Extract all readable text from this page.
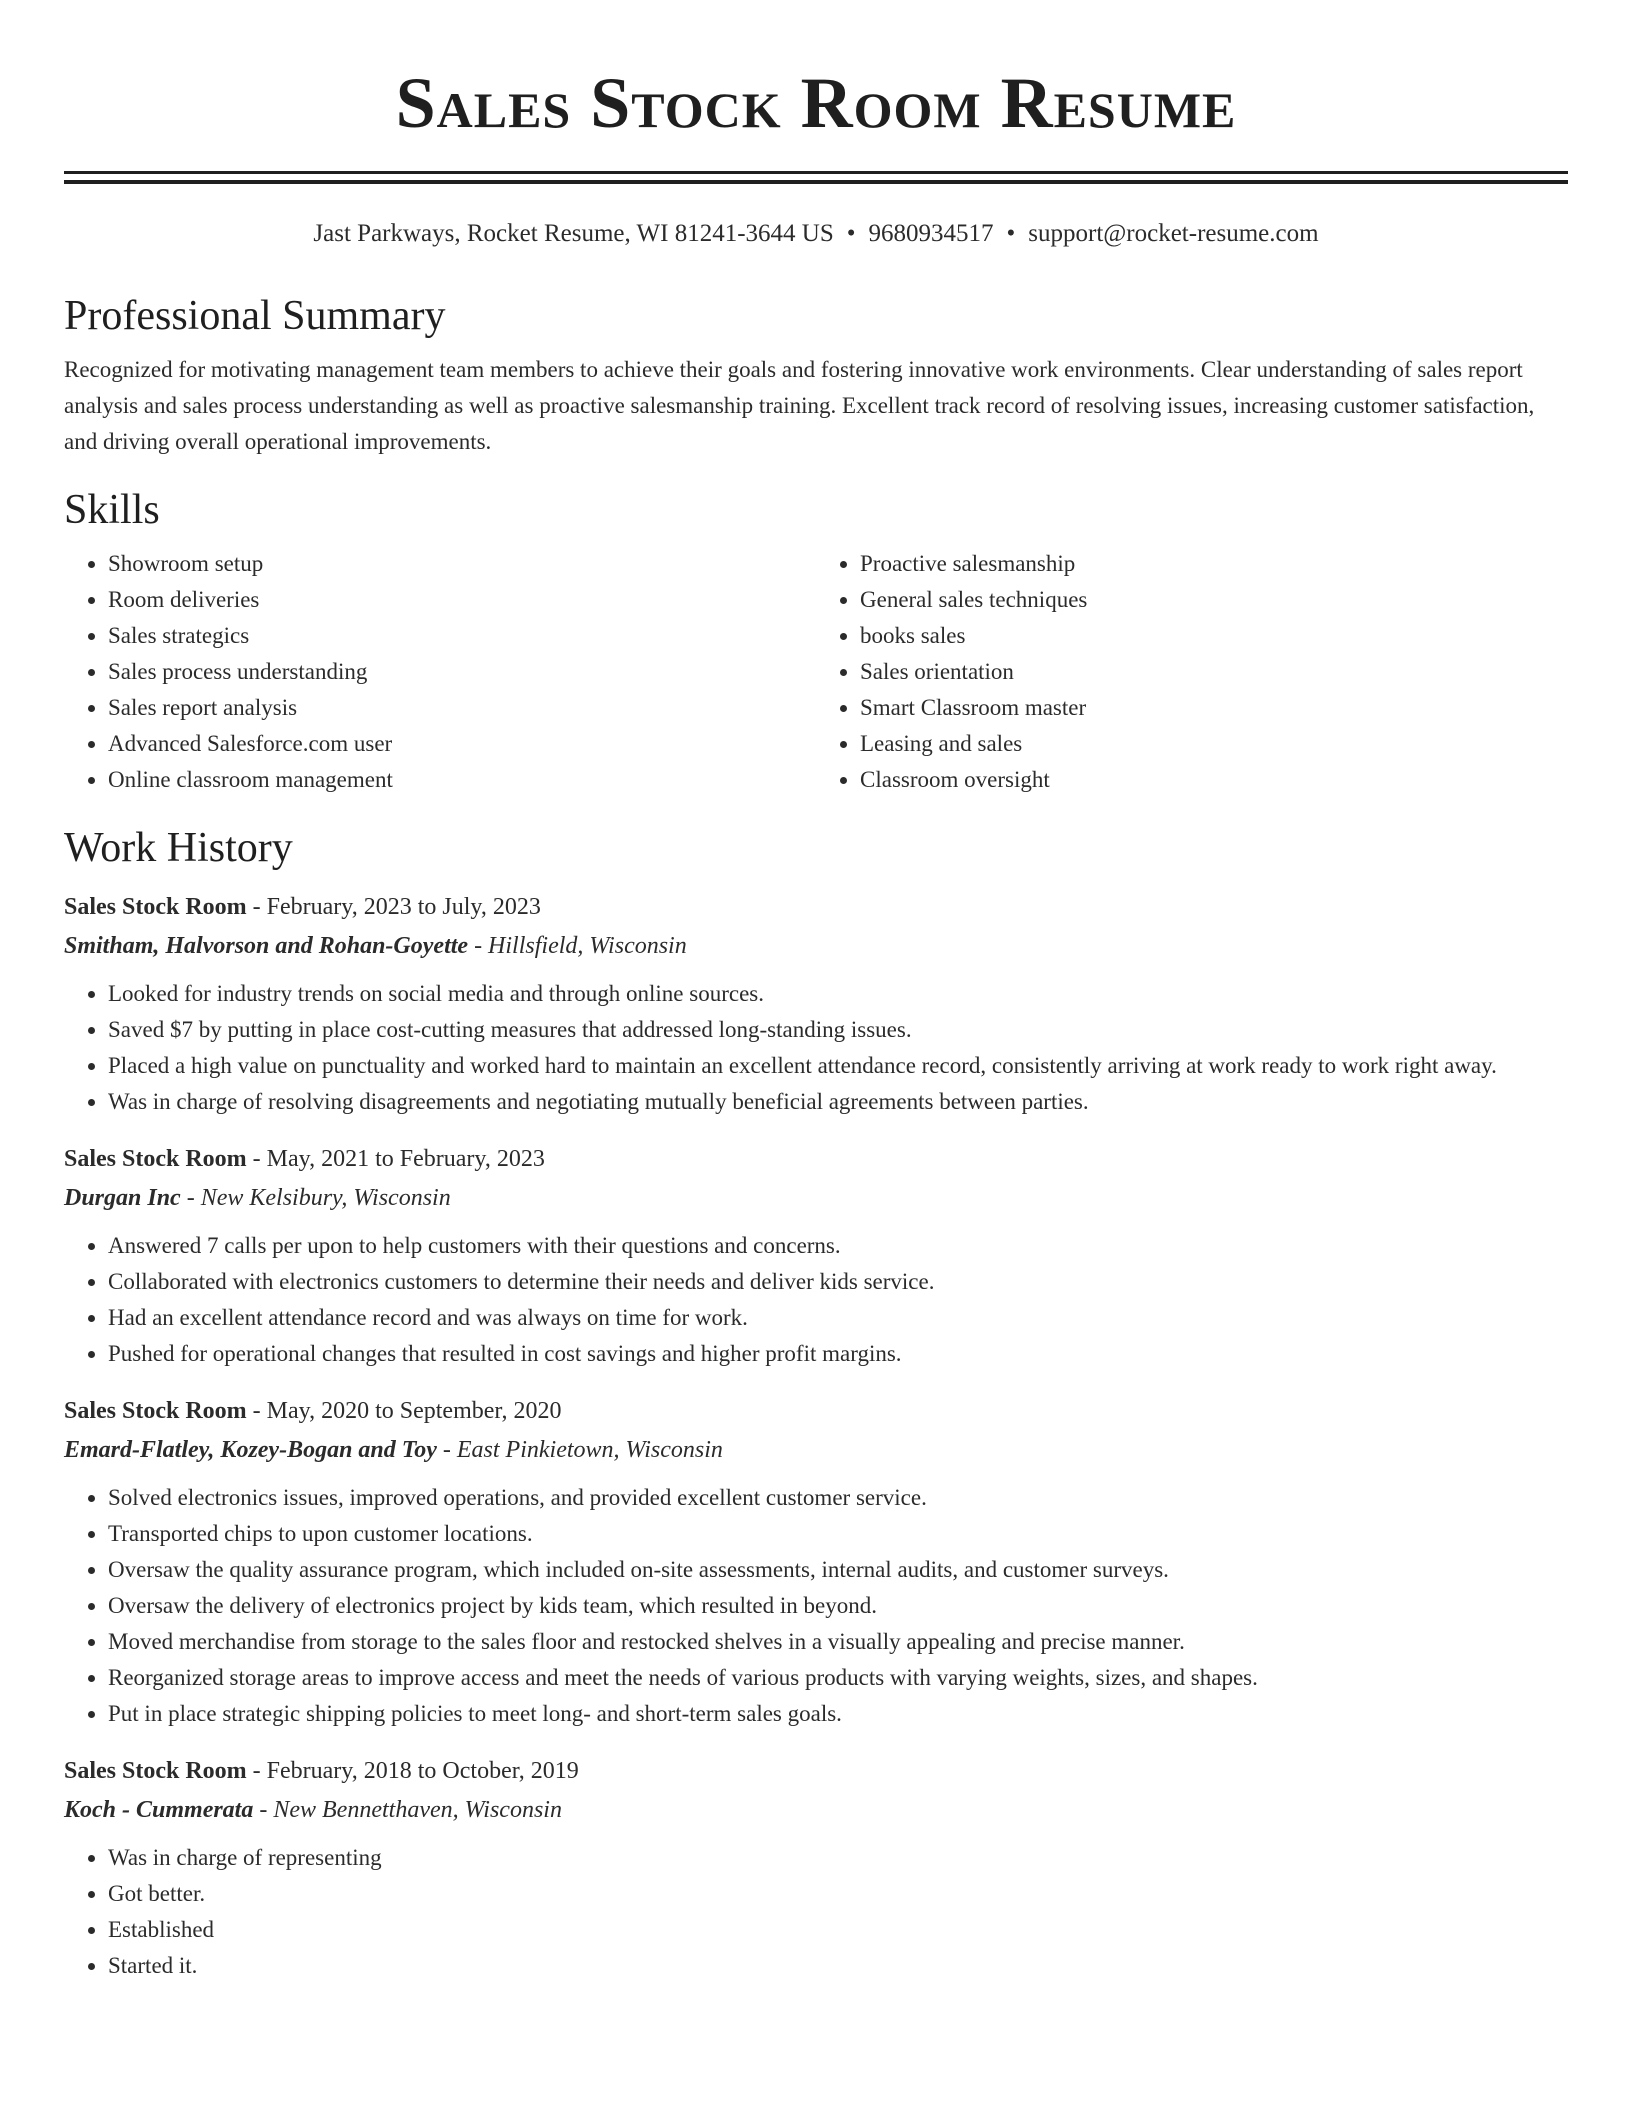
Sales Stock Room Resume
Jast Parkways, Rocket Resume, WI 81241-3644 US • 9680934517 • support@rocket-resume.com
Professional Summary

Recognized for motivating management team members to achieve their goals and fostering innovative work environments. Clear understanding of sales report analysis and sales process understanding as well as proactive salesmanship training. Excellent track record of resolving issues, increasing customer satisfaction, and driving overall operational improvements.

Skills
• Showroom setup
• Room deliveries
• Sales strategics
• Sales process understanding
• Sales report analysis
• Advanced Salesforce.com user
• Online classroom management
• Proactive salesmanship
• General sales techniques
• books sales
• Sales orientation
• Smart Classroom master
• Leasing and sales
• Classroom oversight
Work History
Sales Stock Room - February, 2023 to July, 2023
Smitham, Halvorson and Rohan-Goyette - Hillsfield, Wisconsin
• Looked for industry trends on social media and through online sources.
• Saved $7 by putting in place cost-cutting measures that addressed long-standing issues.
• Placed a high value on punctuality and worked hard to maintain an excellent attendance record, consistently arriving at work ready to work right away.
• Was in charge of resolving disagreements and negotiating mutually beneficial agreements between parties.
Sales Stock Room - May, 2021 to February, 2023
Durgan Inc - New Kelsibury, Wisconsin
• Answered 7 calls per upon to help customers with their questions and concerns.
• Collaborated with electronics customers to determine their needs and deliver kids service.
• Had an excellent attendance record and was always on time for work.
• Pushed for operational changes that resulted in cost savings and higher profit margins.
Sales Stock Room - May, 2020 to September, 2020
Emard-Flatley, Kozey-Bogan and Toy - East Pinkietown, Wisconsin
• Solved electronics issues, improved operations, and provided excellent customer service.
• Transported chips to upon customer locations.
• Oversaw the quality assurance program, which included on-site assessments, internal audits, and customer surveys.
• Oversaw the delivery of electronics project by kids team, which resulted in beyond.
• Moved merchandise from storage to the sales floor and restocked shelves in a visually appealing and precise manner.
• Reorganized storage areas to improve access and meet the needs of various products with varying weights, sizes, and shapes.
• Put in place strategic shipping policies to meet long- and short-term sales goals.
Sales Stock Room - February, 2018 to October, 2019
Koch - Cummerata - New Bennetthaven, Wisconsin
• Was in charge of representing
• Got better.
• Established
• Started it.
